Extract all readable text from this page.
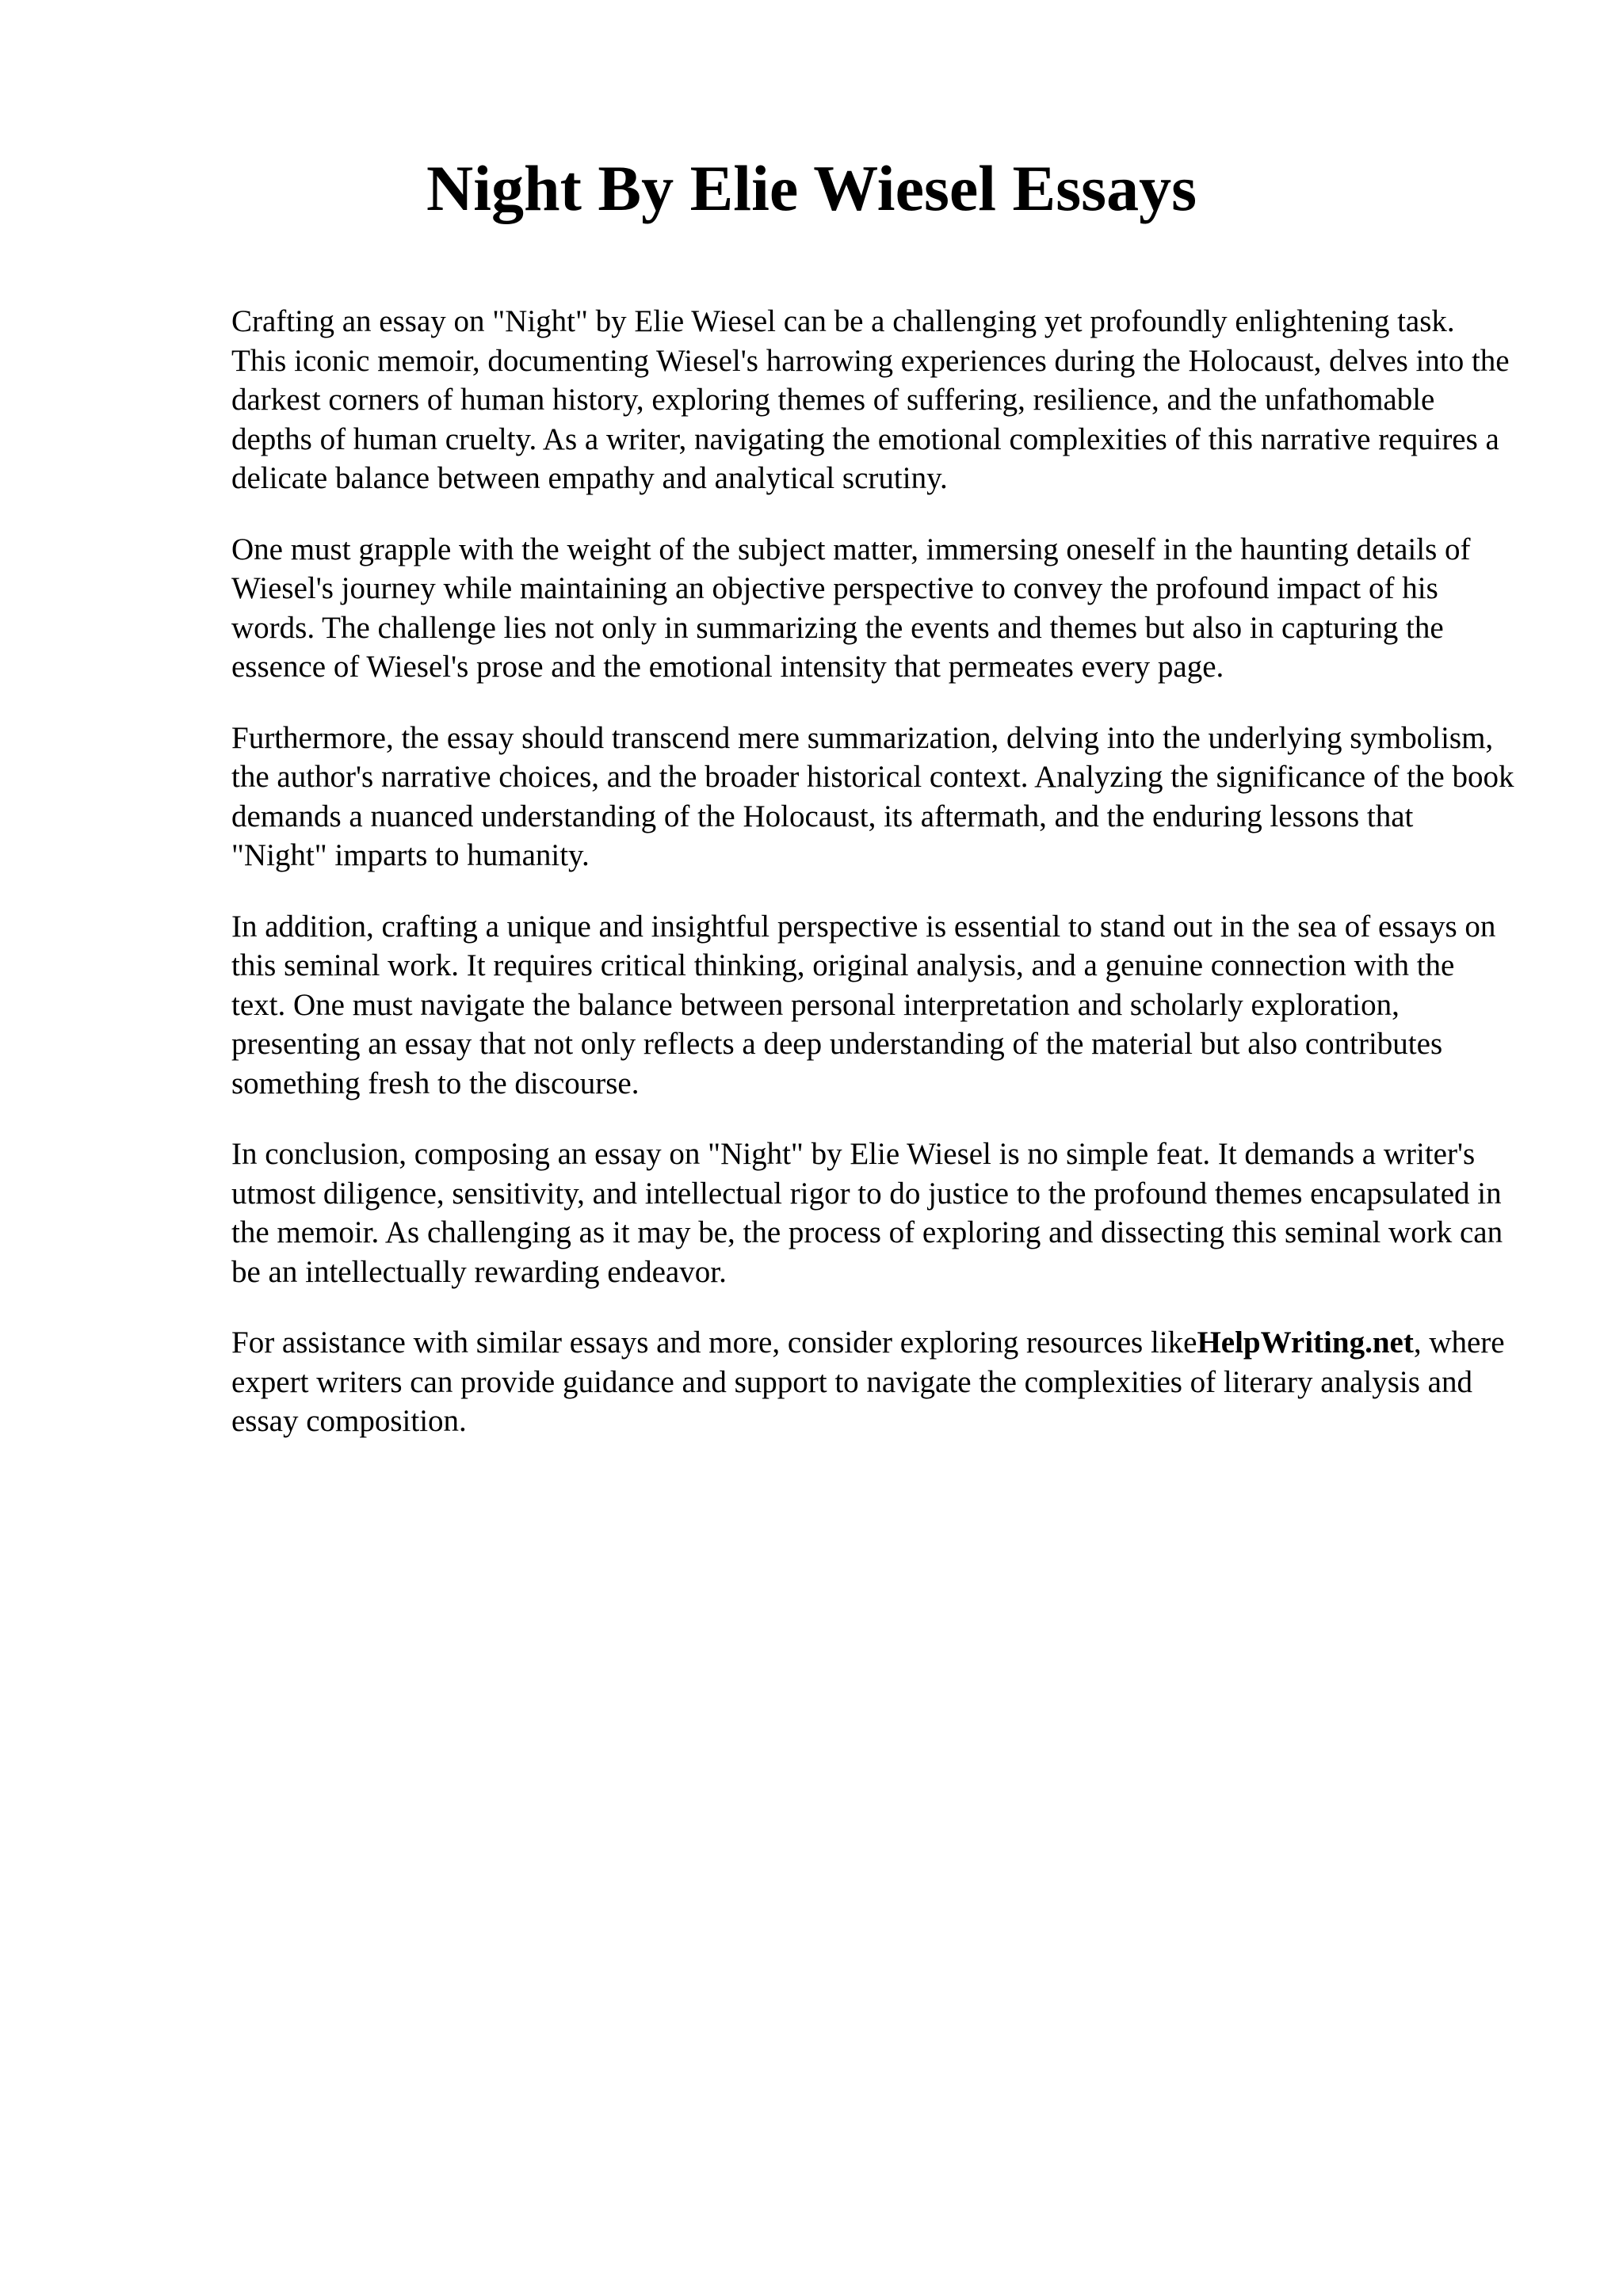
Night By Elie Wiesel Essays

Crafting an essay on "Night" by Elie Wiesel can be a challenging yet profoundly enlightening task. This iconic memoir, documenting Wiesel's harrowing experiences during the Holocaust, delves into the darkest corners of human history, exploring themes of suffering, resilience, and the unfathomable depths of human cruelty. As a writer, navigating the emotional complexities of this narrative requires a delicate balance between empathy and analytical scrutiny.

One must grapple with the weight of the subject matter, immersing oneself in the haunting details of Wiesel's journey while maintaining an objective perspective to convey the profound impact of his words. The challenge lies not only in summarizing the events and themes but also in capturing the essence of Wiesel's prose and the emotional intensity that permeates every page.

Furthermore, the essay should transcend mere summarization, delving into the underlying symbolism, the author's narrative choices, and the broader historical context. Analyzing the significance of the book demands a nuanced understanding of the Holocaust, its aftermath, and the enduring lessons that "Night" imparts to humanity.

In addition, crafting a unique and insightful perspective is essential to stand out in the sea of essays on this seminal work. It requires critical thinking, original analysis, and a genuine connection with the text. One must navigate the balance between personal interpretation and scholarly exploration, presenting an essay that not only reflects a deep understanding of the material but also contributes something fresh to the discourse.

In conclusion, composing an essay on "Night" by Elie Wiesel is no simple feat. It demands a writer's utmost diligence, sensitivity, and intellectual rigor to do justice to the profound themes encapsulated in the memoir. As challenging as it may be, the process of exploring and dissecting this seminal work can be an intellectually rewarding endeavor.

For assistance with similar essays and more, consider exploring resources likeHelpWriting.net, where expert writers can provide guidance and support to navigate the complexities of literary analysis and essay composition.
